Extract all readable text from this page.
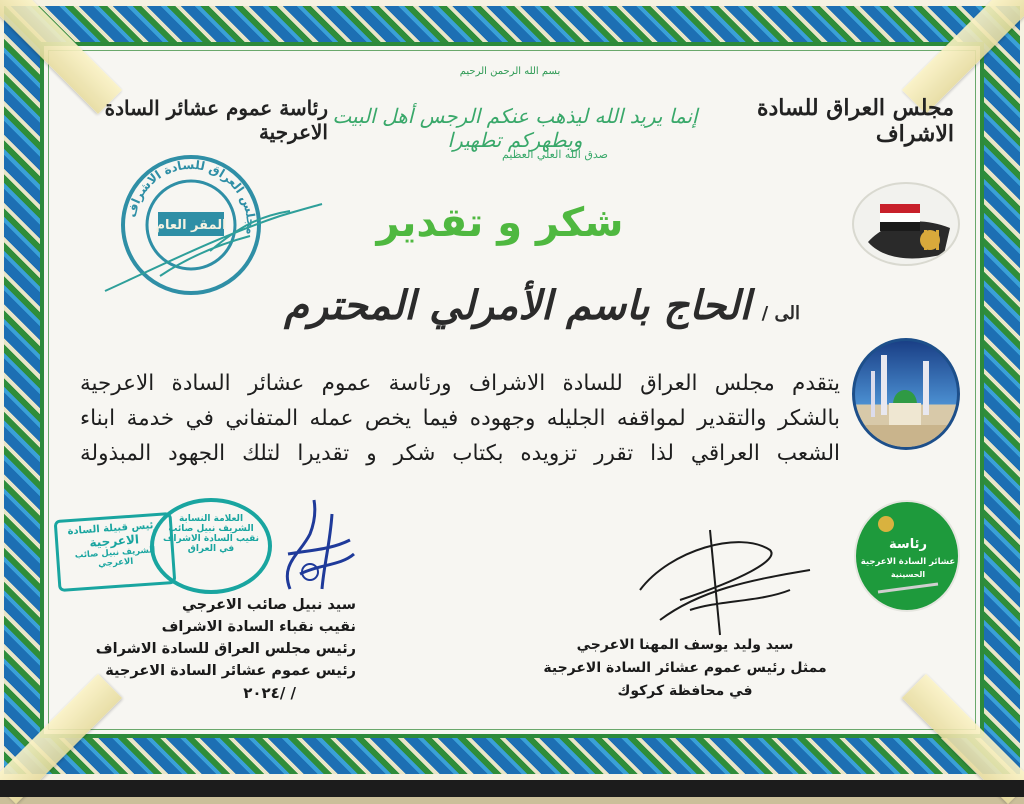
مجلس العراق للسادة الاشراف
رئاسة عموم عشائر السادة الاعرجية
بسم الله الرحمن الرحيم
إنما يريد الله ليذهب عنكم الرجس أهل البيت ويطهركم تطهيرا
صدق الله العلي العظيم
مجلس العراق للسادة الاشراف
المقر العام	شكر و تقدير
الى / الحاج باسم الأمرلي المحترم
يتقدم مجلس العراق للسادة الاشراف ورئاسة عموم عشائر السادة الاعرجية
بالشكر والتقدير لمواقفه الجليله وجهوده فيما يخص عمله المتفاني في خدمة ابناء
الشعب العراقي لذا تقرر تزويده بكتاب شكر و تقديرا لتلك الجهود المبذولة
رئاسة
عشائر السادة الاعرجية
الحسينية
رئيس قبيلة السادة
الاعرجية
الشريف نبيل صائب الاعرجي
العلامة النسابة
الشريف نبيل صائب
نقيب السادة الاشراف
في العراق
سيد نبيل صائب الاعرجي
نقيب نقباء السادة الاشراف
رئيس مجلس العراق للسادة الاشراف
رئيس عموم عشائر السادة الاعرجية
/ /٢٠٢٤
سيد وليد يوسف المهنا الاعرجي
ممثل رئيس عموم عشائر السادة الاعرجية
في محافظة كركوك
